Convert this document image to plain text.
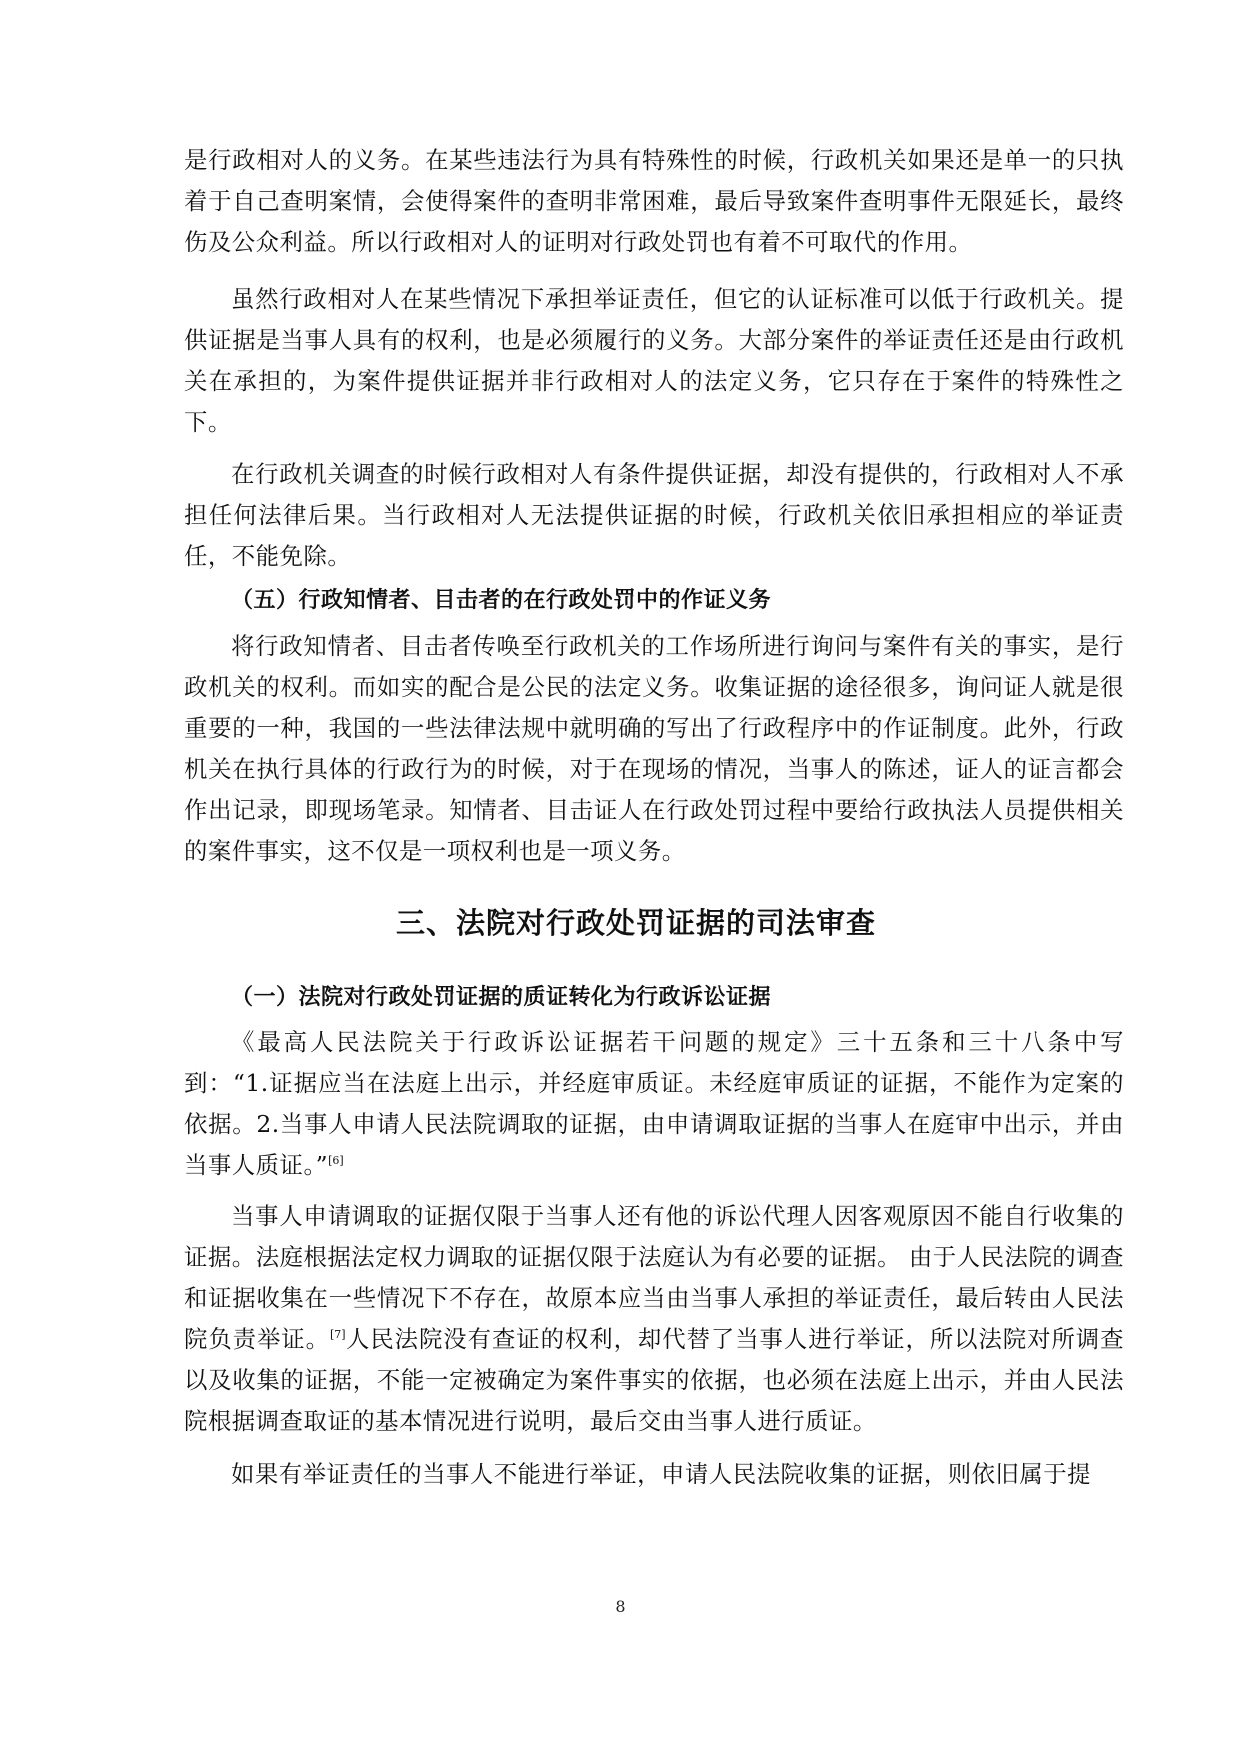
是行政相对人的义务。在某些违法行为具有特殊性的时候，行政机关如果还是单一的只执着于自己查明案情，会使得案件的查明非常困难，最后导致案件查明事件无限延长，最终伤及公众利益。所以行政相对人的证明对行政处罚也有着不可取代的作用。

虽然行政相对人在某些情况下承担举证责任，但它的认证标准可以低于行政机关。提供证据是当事人具有的权利，也是必须履行的义务。大部分案件的举证责任还是由行政机关在承担的，为案件提供证据并非行政相对人的法定义务，它只存在于案件的特殊性之下。

在行政机关调查的时候行政相对人有条件提供证据，却没有提供的，行政相对人不承担任何法律后果。当行政相对人无法提供证据的时候，行政机关依旧承担相应的举证责任，不能免除。

（五）行政知情者、目击者的在行政处罚中的作证义务

将行政知情者、目击者传唤至行政机关的工作场所进行询问与案件有关的事实，是行政机关的权利。而如实的配合是公民的法定义务。收集证据的途径很多，询问证人就是很重要的一种，我国的一些法律法规中就明确的写出了行政程序中的作证制度。此外，行政机关在执行具体的行政行为的时候，对于在现场的情况，当事人的陈述，证人的证言都会作出记录，即现场笔录。知情者、目击证人在行政处罚过程中要给行政执法人员提供相关的案件事实，这不仅是一项权利也是一项义务。

三、法院对行政处罚证据的司法审查
（一）法院对行政处罚证据的质证转化为行政诉讼证据

《最高人民法院关于行政诉讼证据若干问题的规定》三十五条和三十八条中写到：“1.证据应当在法庭上出示，并经庭审质证。未经庭审质证的证据，不能作为定案的依据。2.当事人申请人民法院调取的证据，由申请调取证据的当事人在庭审中出示，并由当事人质证。”[6]

当事人申请调取的证据仅限于当事人还有他的诉讼代理人因客观原因不能自行收集的证据。法庭根据法定权力调取的证据仅限于法庭认为有必要的证据。 由于人民法院的调查和证据收集在一些情况下不存在，故原本应当由当事人承担的举证责任，最后转由人民法院负责举证。[7]人民法院没有查证的权利，却代替了当事人进行举证，所以法院对所调查以及收集的证据，不能一定被确定为案件事实的依据，也必须在法庭上出示，并由人民法院根据调查取证的基本情况进行说明，最后交由当事人进行质证。

如果有举证责任的当事人不能进行举证，申请人民法院收集的证据，则依旧属于提

8
